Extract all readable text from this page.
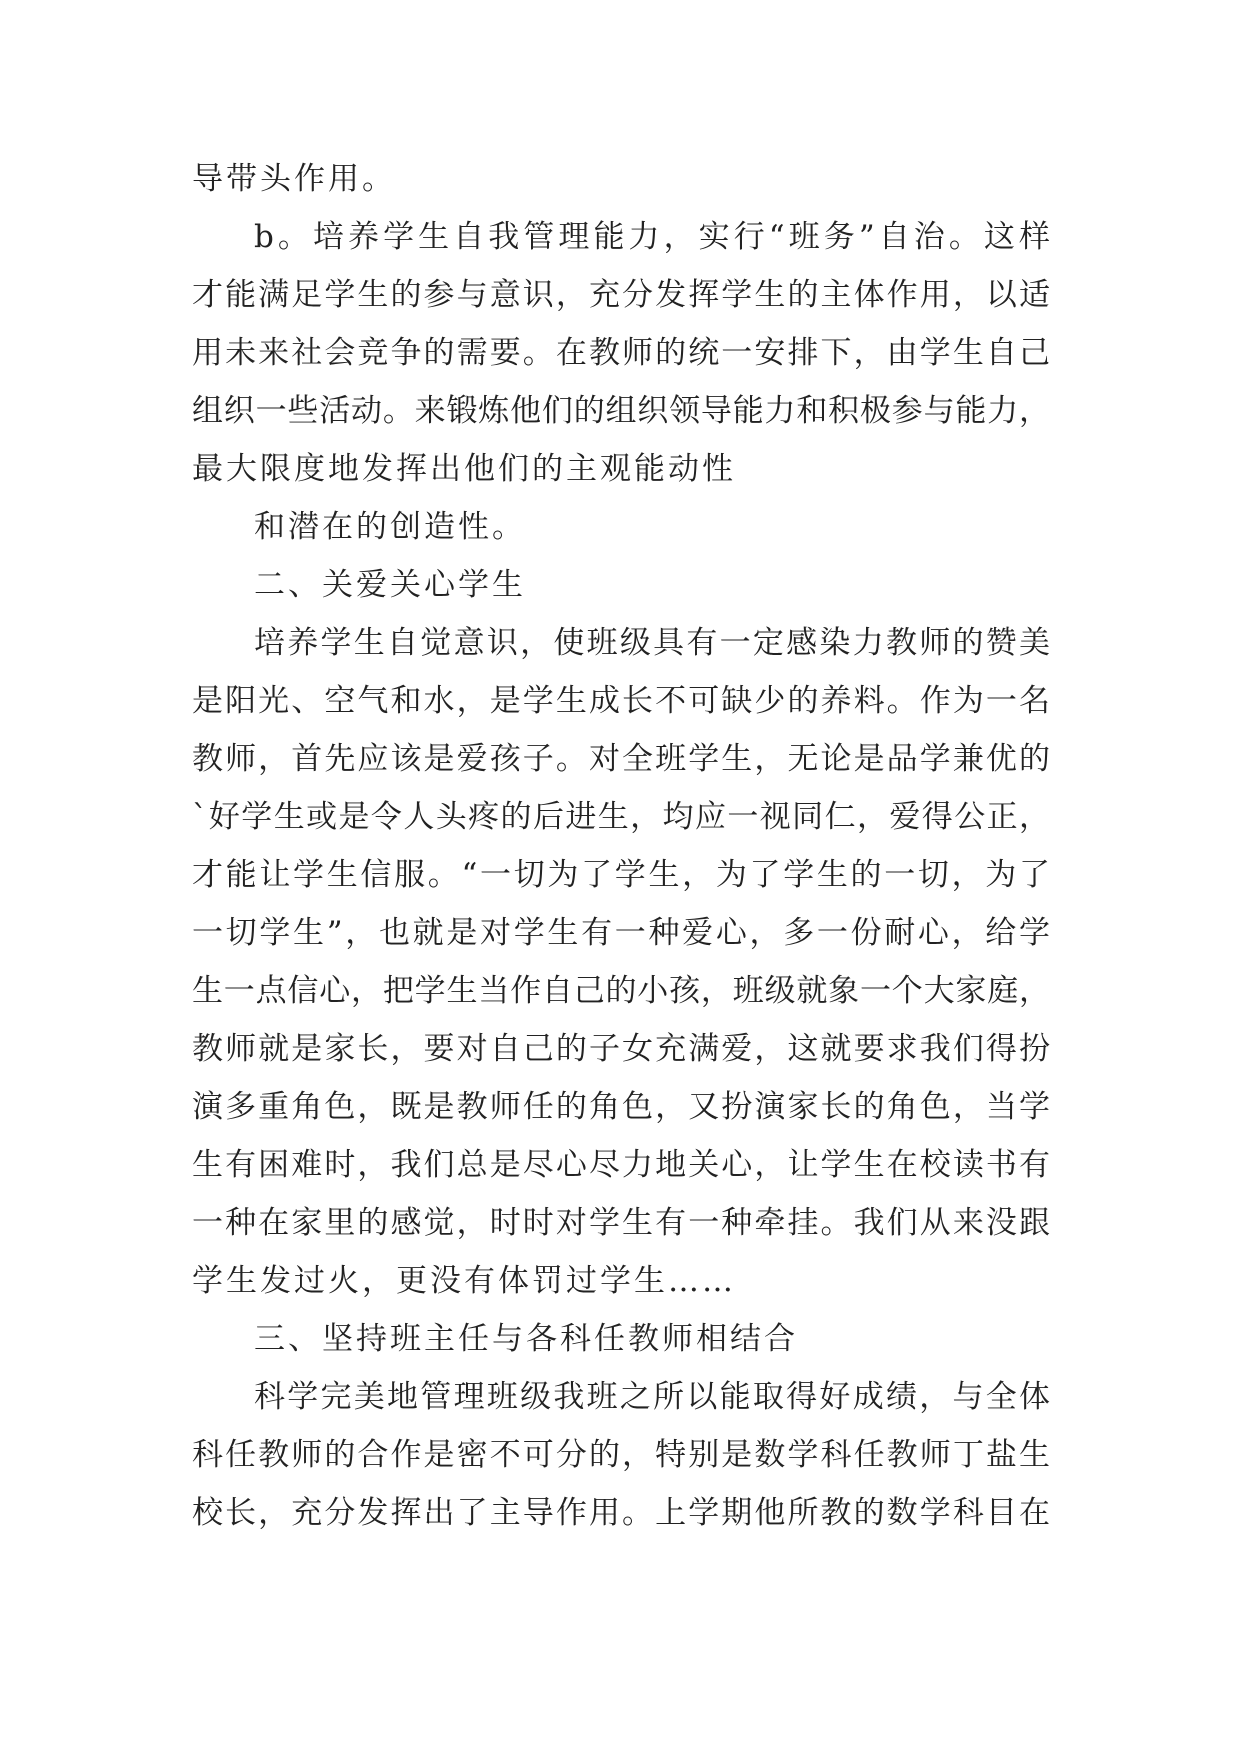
导带头作用。
b。培养学生自我管理能力，实行“班务”自治。这样
才能满足学生的参与意识，充分发挥学生的主体作用，以适
用未来社会竞争的需要。在教师的统一安排下，由学生自己
组织一些活动。来锻炼他们的组织领导能力和积极参与能力，
最大限度地发挥出他们的主观能动性
和潜在的创造性。
二、关爱关心学生
培养学生自觉意识，使班级具有一定感染力教师的赞美
是阳光、空气和水，是学生成长不可缺少的养料。作为一名
教师，首先应该是爱孩子。对全班学生，无论是品学兼优的
`好学生或是令人头疼的后进生，均应一视同仁，爱得公正，
才能让学生信服。“一切为了学生，为了学生的一切，为了
一切学生”，也就是对学生有一种爱心，多一份耐心，给学
生一点信心，把学生当作自己的小孩，班级就象一个大家庭，
教师就是家长，要对自己的子女充满爱，这就要求我们得扮
演多重角色，既是教师任的角色，又扮演家长的角色，当学
生有困难时，我们总是尽心尽力地关心，让学生在校读书有
一种在家里的感觉，时时对学生有一种牵挂。我们从来没跟
学生发过火，更没有体罚过学生……
三、坚持班主任与各科任教师相结合
科学完美地管理班级我班之所以能取得好成绩，与全体
科任教师的合作是密不可分的，特别是数学科任教师丁盐生
校长，充分发挥出了主导作用。上学期他所教的数学科目在
